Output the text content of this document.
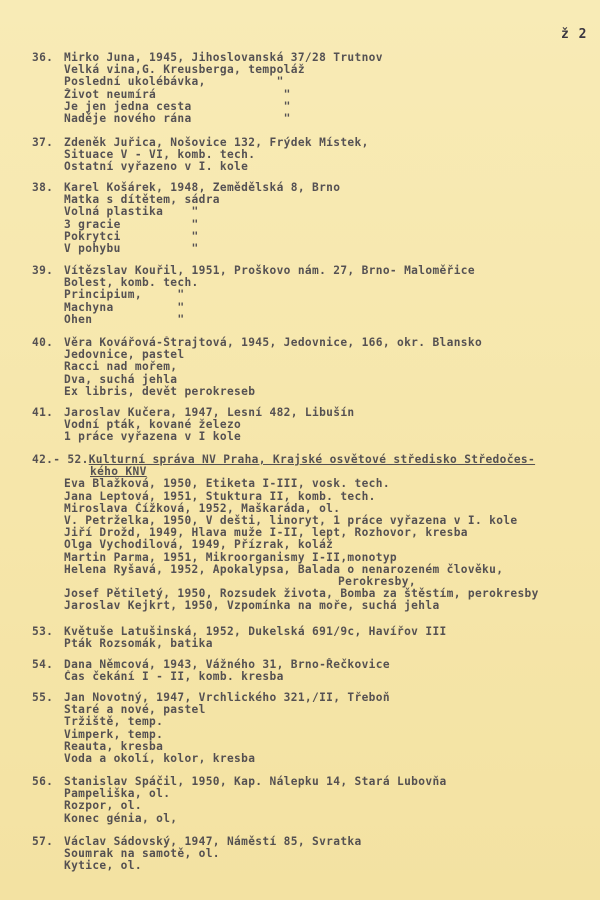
ž 2
36. Mirko Juna, 1945, Jihoslovanská 37/28 Trutnov
Velká vina,G. Kreusberga, tempoláž
Poslední ukolébávka,          "
Život neumírá                  "
Je jen jedna cesta             "
Naděje nového rána             "
37. Zdeněk Juřica, Nošovice 132, Frýdek Místek,
Situace V - VI, komb. tech.
Ostatní vyřazeno v I. kole
38. Karel Košárek, 1948, Zemědělská 8, Brno
Matka s dítětem, sádra
Volná plastika    "
3 gracie          "
Pokrytci          "
V pohybu          "
39. Vítězslav Kouřil, 1951, Proškovo nám. 27, Brno- Maloměřice
Bolest, komb. tech.
Principium,     "
Machyna         "
Ohen            "
40. Věra Kovářová-Štrajtová, 1945, Jedovnice, 166, okr. Blansko
Jedovnice, pastel
Racci nad mořem,
Dva, suchá jehla
Ex libris, devět perokreseb
41. Jaroslav Kučera, 1947, Lesní 482, Libušín
Vodní pták, kované železo
1 práce vyřazena v I kole
42.- 52.Kulturní správa NV Praha, Krajské osvětové středisko Středočes-
kého KNV
Eva Blažková, 1950, Etiketa I-III, vosk. tech.
Jana Leptová, 1951, Stuktura II, komb. tech.
Miroslava Čížková, 1952, Maškaráda, ol.
V. Petrželka, 1950, V dešti, linoryt, 1 práce vyřazena v I. kole
Jiří Drožd, 1949, Hlava muže I-II, lept, Rozhovor, kresba
Olga Vychodilová, 1949, Přízrak, koláž
Martin Parma, 1951, Mikroorganismy I-II,monotyp
Helena Ryšavá, 1952, Apokalypsa, Balada o nenarozeném člověku,
Perokresby,
Josef Pětiletý, 1950, Rozsudek života, Bomba za štěstím, perokresby
Jaroslav Kejkrt, 1950, Vzpomínka na moře, suchá jehla
53. Květuše Latušinská, 1952, Dukelská 691/9c, Havířov III
Pták Rozsomák, batika
54. Dana Němcová, 1943, Vážného 31, Brno-Řečkovice
Čas čekání I - II, komb. kresba
55. Jan Novotný, 1947, Vrchlického 321,/II, Třeboň
Staré a nové, pastel
Tržiště, temp.
Vimperk, temp.
Reauta, kresba
Voda a okolí, kolor, kresba
56. Stanislav Spáčil, 1950, Kap. Nálepku 14, Stará Lubovňa
Pampeliška, ol.
Rozpor, ol.
Konec génia, ol,
57. Václav Sádovský, 1947, Náměstí 85, Svratka
Soumrak na samotě, ol.
Kytice, ol.
